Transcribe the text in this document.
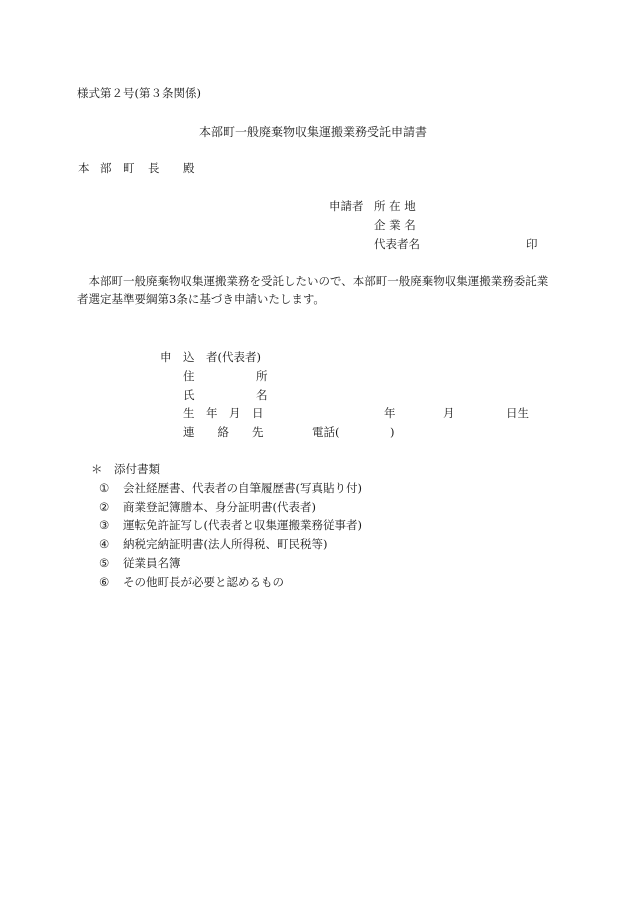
様式第２号(第３条関係)
本部町一般廃棄物収集運搬業務受託申請書
本 部 町 長 殿
申請者 所 在 地
企 業 名
代表者名	印
本部町一般廃棄物収集運搬業務を受託したいので、本部町一般廃棄物収集運搬業務委託業者選定基準要綱第3条に基づき申請いたします。
申　込　者(代表者)
住	所
氏	名
生　年　月　日	年	月	日生
連　　絡　　先	電話(	)
＊ 添付書類
① 会社経歴書、代表者の自筆履歴書(写真貼り付)
② 商業登記簿謄本、身分証明書(代表者)
③ 運転免許証写し(代表者と収集運搬業務従事者)
④ 納税完納証明書(法人所得税、町民税等)
⑤ 従業員名簿
⑥ その他町長が必要と認めるもの
